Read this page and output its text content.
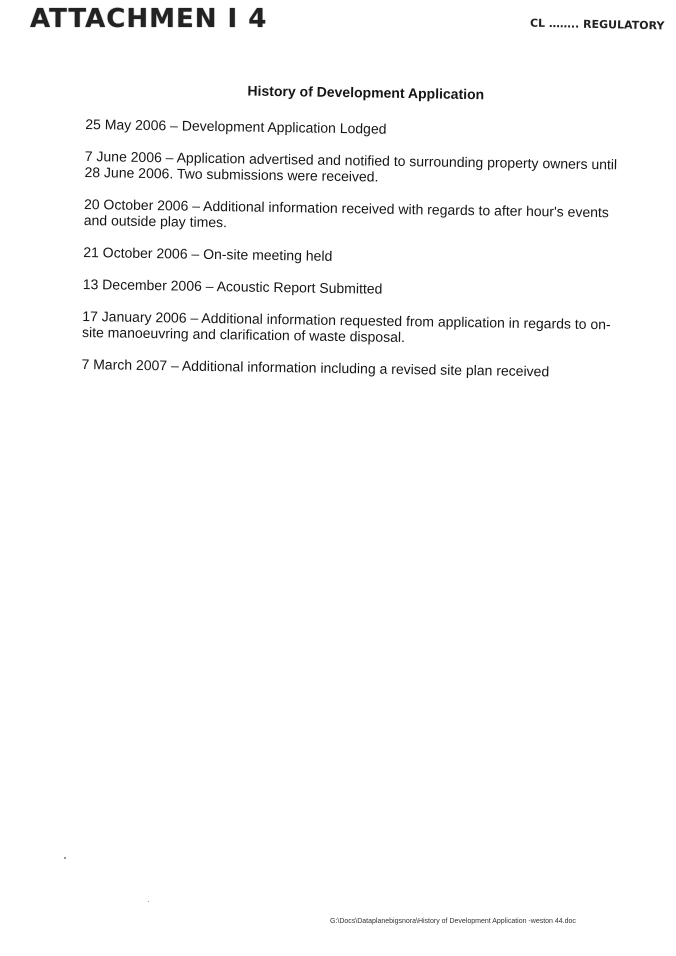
ATTACHMEN I 4	CL …….. REGULATORY
History of Development Application
25 May 2006 – Development Application Lodged
7 June 2006 – Application advertised and notified to surrounding property owners until 28 June 2006. Two submissions were received.
20 October 2006 – Additional information received with regards to after hour's events and outside play times.
21 October 2006 – On-site meeting held
13 December 2006 – Acoustic Report Submitted
17 January 2006 – Additional information requested from application in regards to on-site manoeuvring and clarification of waste disposal.
7 March 2007 – Additional information including a revised site plan received
G:\Docs\Dataplanebigsnora\History of Development Application -weston 44.doc
